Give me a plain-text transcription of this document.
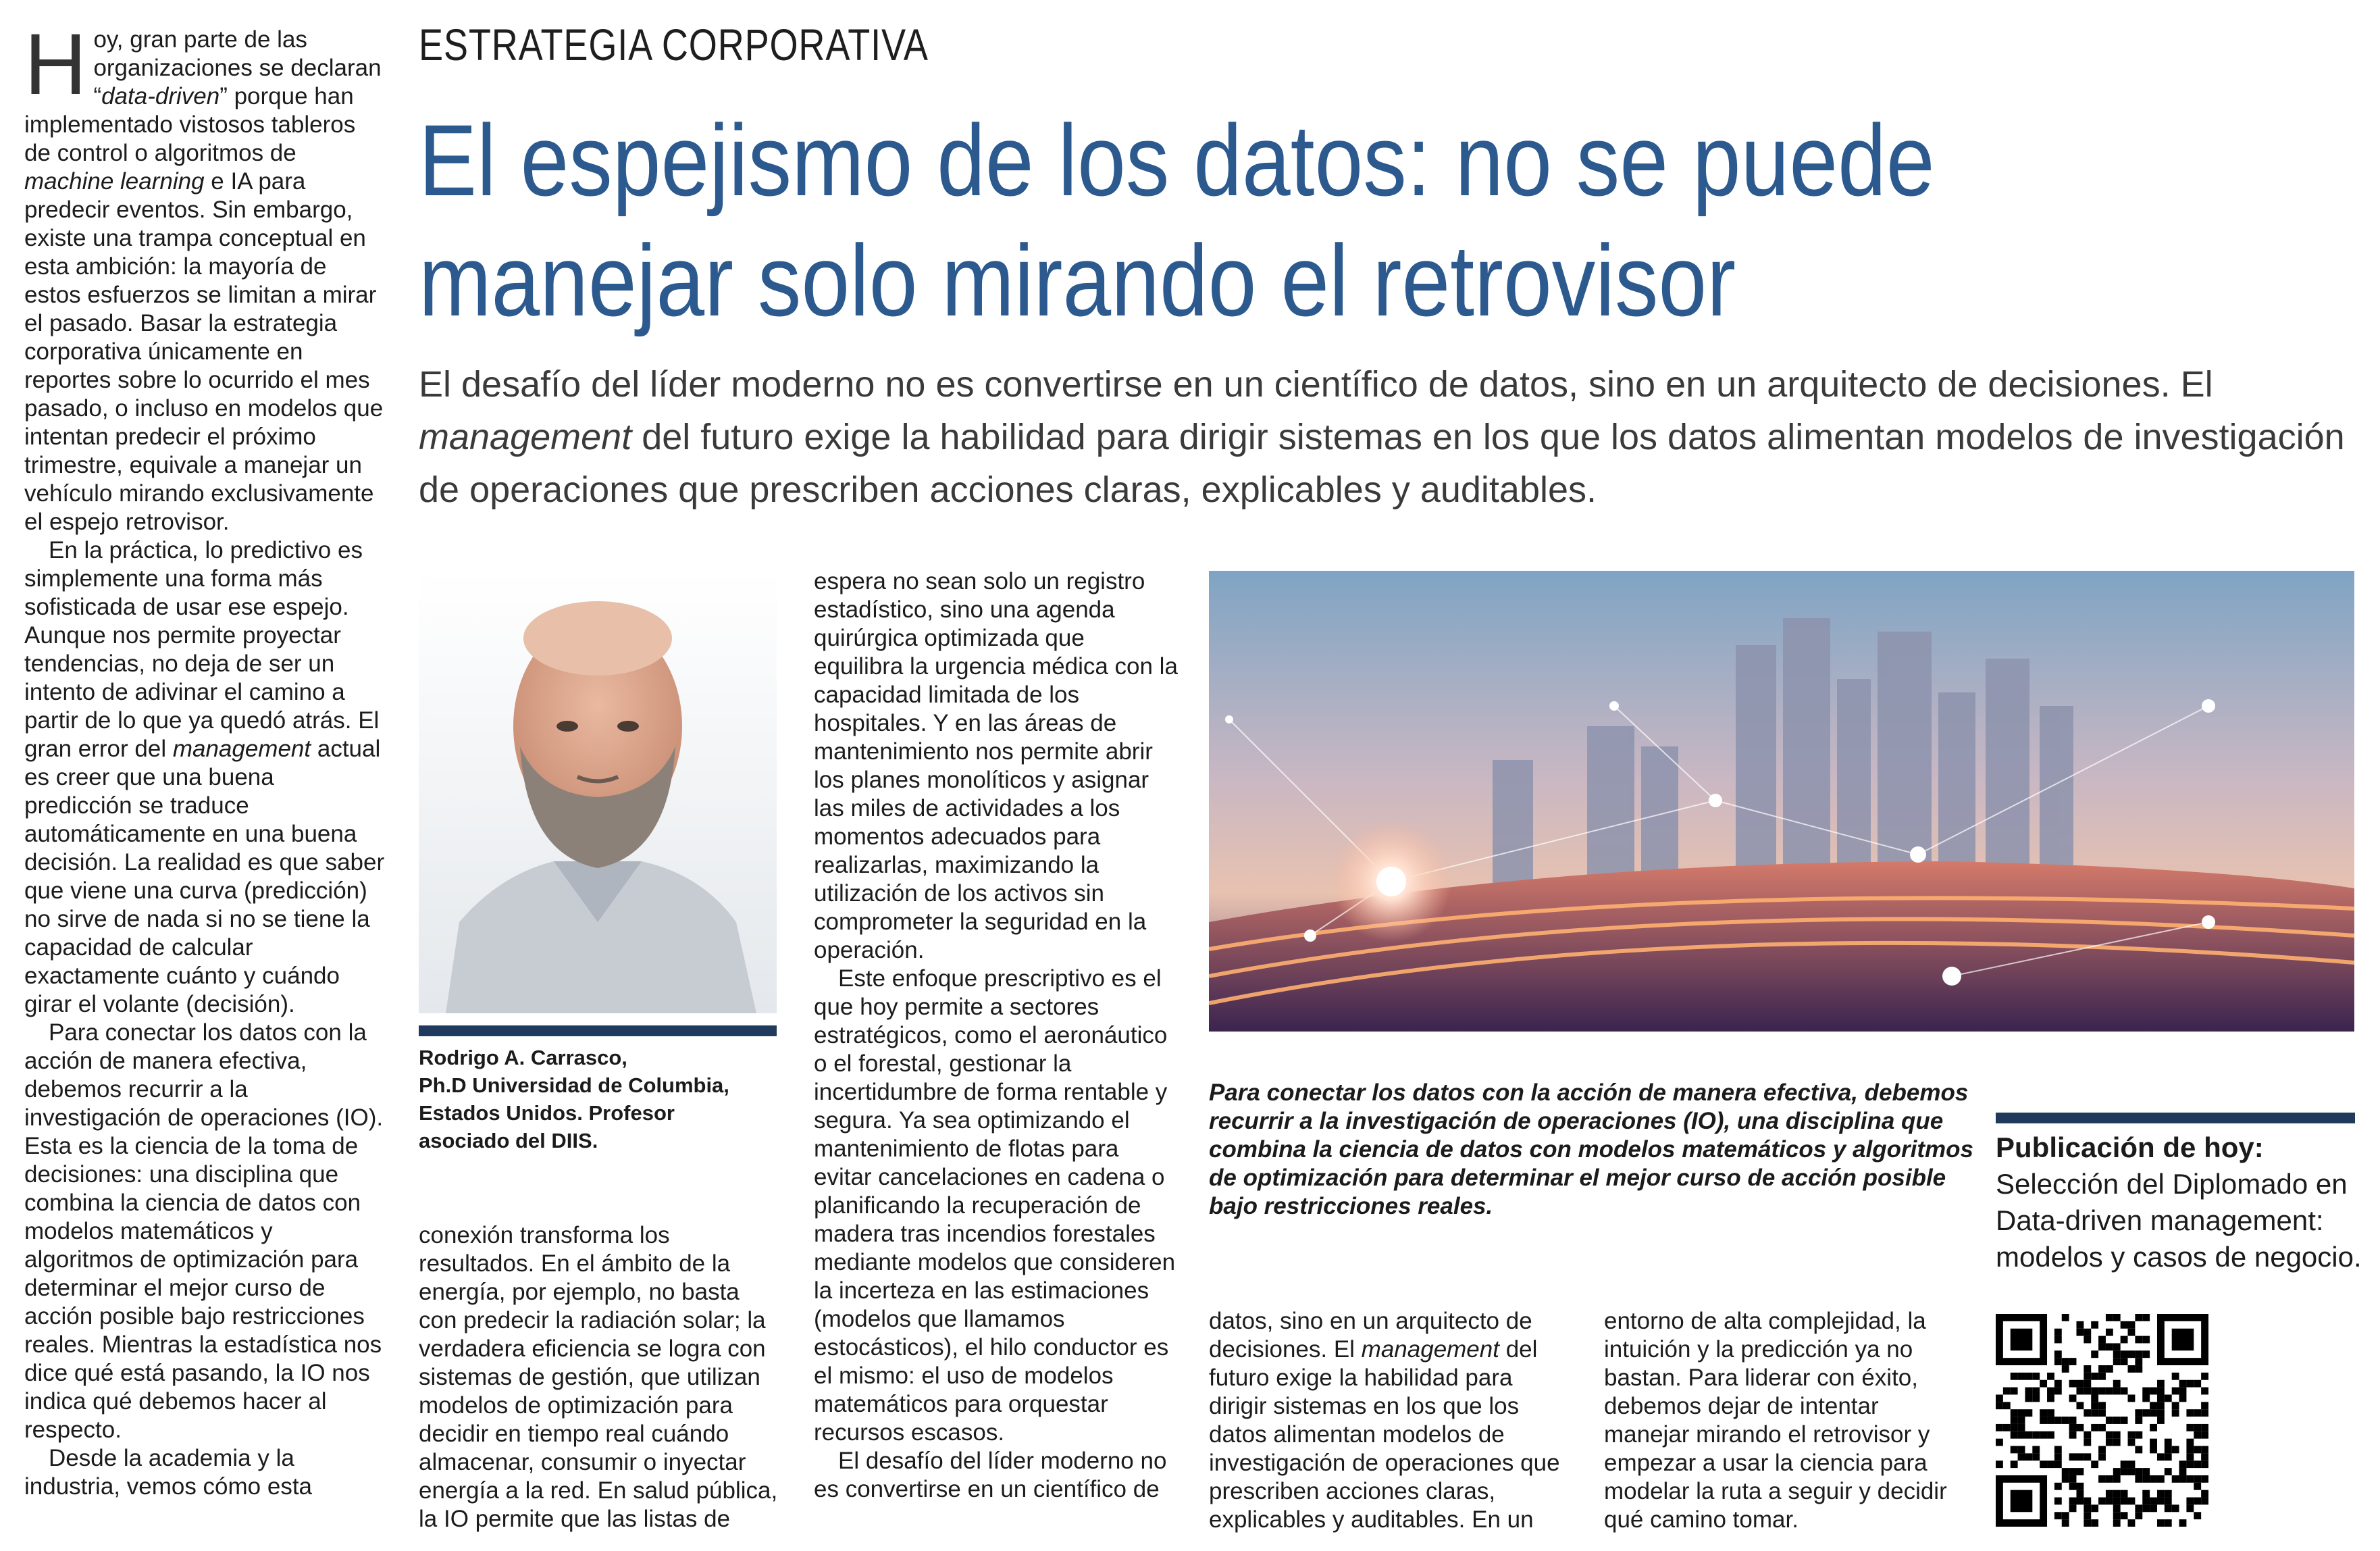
Hoy, gran parte de las organizaciones se declaran “data-driven” porque han implementado vistosos tableros de control o algoritmos de machine learning e IA para predecir eventos. Sin embargo, existe una trampa conceptual en esta ambición: la mayoría de estos esfuerzos se limitan a mirar el pasado. Basar la estrategia corporativa únicamente en reportes sobre lo ocurrido el mes pasado, o incluso en modelos que intentan predecir el próximo trimestre, equivale a manejar un vehículo mirando exclusivamente el espejo retrovisor.

En la práctica, lo predictivo es simplemente una forma más sofisticada de usar ese espejo. Aunque nos permite proyectar tendencias, no deja de ser un intento de adivinar el camino a partir de lo que ya quedó atrás. El gran error del management actual es creer que una buena predicción se traduce automáticamente en una buena decisión. La realidad es que saber que viene una curva (predicción) no sirve de nada si no se tiene la capacidad de calcular exactamente cuánto y cuándo girar el volante (decisión).

Para conectar los datos con la acción de manera efectiva, debemos recurrir a la investigación de operaciones (IO). Esta es la ciencia de la toma de decisiones: una disciplina que combina la ciencia de datos con modelos matemáticos y algoritmos de optimización para determinar el mejor curso de acción posible bajo restricciones reales. Mientras la estadística nos dice qué está pasando, la IO nos indica qué debemos hacer al respecto.

Desde la academia y la industria, vemos cómo esta

ESTRATEGIA CORPORATIVA
El espejismo de los datos: no se puede
manejar solo mirando el retrovisor
El desafío del líder moderno no es convertirse en un científico de datos, sino en un arquitecto de decisiones. El management del futuro exige la habilidad para dirigir sistemas en los que los datos alimentan modelos de investigación de operaciones que prescriben acciones claras, explicables y auditables.
Rodrigo A. Carrasco,
Ph.D Universidad de Columbia,
Estados Unidos. Profesor
asociado del DIIS.

conexión transforma los resultados. En el ámbito de la energía, por ejemplo, no basta con predecir la radiación solar; la verdadera eficiencia se logra con sistemas de gestión, que utilizan modelos de optimización para decidir en tiempo real cuándo almacenar, consumir o inyectar energía a la red. En salud pública, la IO permite que las listas de

espera no sean solo un registro estadístico, sino una agenda quirúrgica optimizada que equilibra la urgencia médica con la capacidad limitada de los hospitales. Y en las áreas de mantenimiento nos permite abrir los planes monolíticos y asignar las miles de actividades a los momentos adecuados para realizarlas, maximizando la utilización de los activos sin comprometer la seguridad en la operación.

Este enfoque prescriptivo es el que hoy permite a sectores estratégicos, como el aeronáutico o el forestal, gestionar la incertidumbre de forma rentable y segura. Ya sea optimizando el mantenimiento de flotas para evitar cancelaciones en cadena o planificando la recuperación de madera tras incendios forestales mediante modelos que consideren la incerteza en las estimaciones (modelos que llamamos estocásticos), el hilo conductor es el mismo: el uso de modelos matemáticos para orquestar recursos escasos.

El desafío del líder moderno no es convertirse en un científico de

Para conectar los datos con la acción de manera efectiva, debemos recurrir a la investigación de operaciones (IO), una disciplina que combina la ciencia de datos con modelos matemáticos y algoritmos de optimización para determinar el mejor curso de acción posible bajo restricciones reales.

datos, sino en un arquitecto de decisiones. El management del futuro exige la habilidad para dirigir sistemas en los que los datos alimentan modelos de investigación de operaciones que prescriben acciones claras, explicables y auditables. En un

entorno de alta complejidad, la intuición y la predicción ya no bastan. Para liderar con éxito, debemos dejar de intentar manejar mirando el retrovisor y empezar a usar la ciencia para modelar la ruta a seguir y decidir qué camino tomar.

Publicación de hoy:
Selección del Diplomado en
Data-driven management:
modelos y casos de negocio.
